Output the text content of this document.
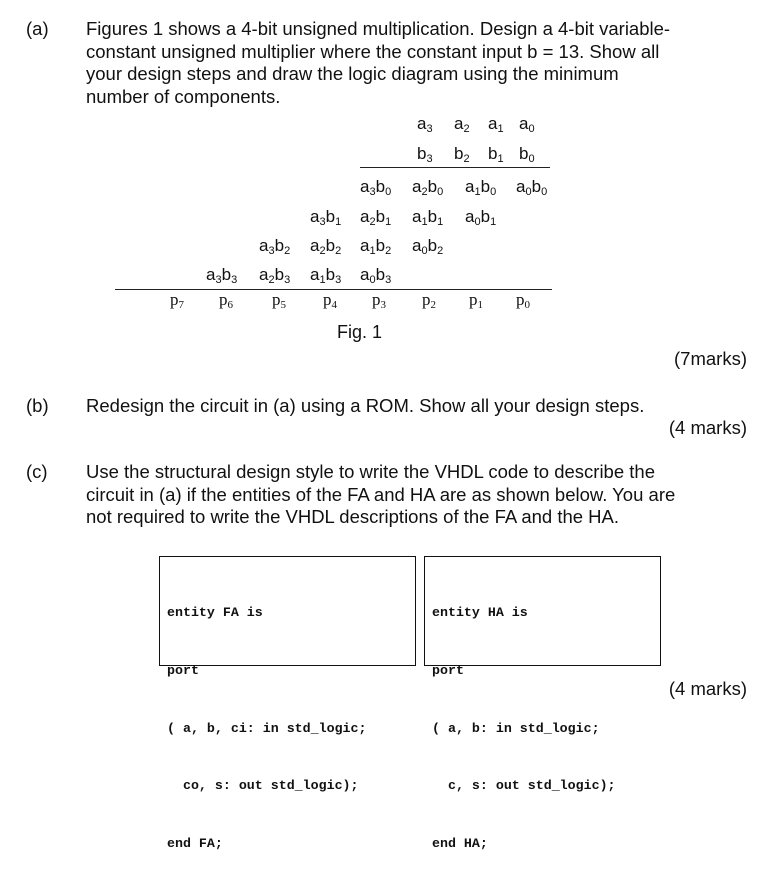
(a) Figures 1 shows a 4-bit unsigned multiplication. Design a 4-bit variable-
constant unsigned multiplier where the constant input b = 13. Show all
your design steps and draw the logic diagram using the minimum
number of components.
$a_3$ $a_2$ $a_1$ $a_0$
$b_3$ $b_2$ $b_1$ $b_0$
$a_3b_0$ $a_2b_0$ $a_1b_0$ $a_0b_0$
$a_3b_1$ $a_2b_1$ $a_1b_1$ $a_0b_1$
$a_3b_2$ $a_2b_2$ $a_1b_2$ $a_0b_2$
$a_3b_3$ $a_2b_3$ $a_1b_3$ $a_0b_3$
$p_7$ $p_6$ $p_5$ $p_4$ $p_3$ $p_2$ $p_1$ $p_0$
Fig. 1
(7marks)
(b) Redesign the circuit in (a) using a ROM. Show all your design steps.
(4 marks)
(c) Use the structural design style to write the VHDL code to describe the
circuit in (a) if the entities of the FA and HA are as shown below. You are
not required to write the VHDL descriptions of the FA and the HA.

entity FA is

port

( a, b, ci: in std_logic;

co, s: out std_logic);

end FA;

entity HA is

port

( a, b: in std_logic;

c, s: out std_logic);

end HA;

(4 marks)
